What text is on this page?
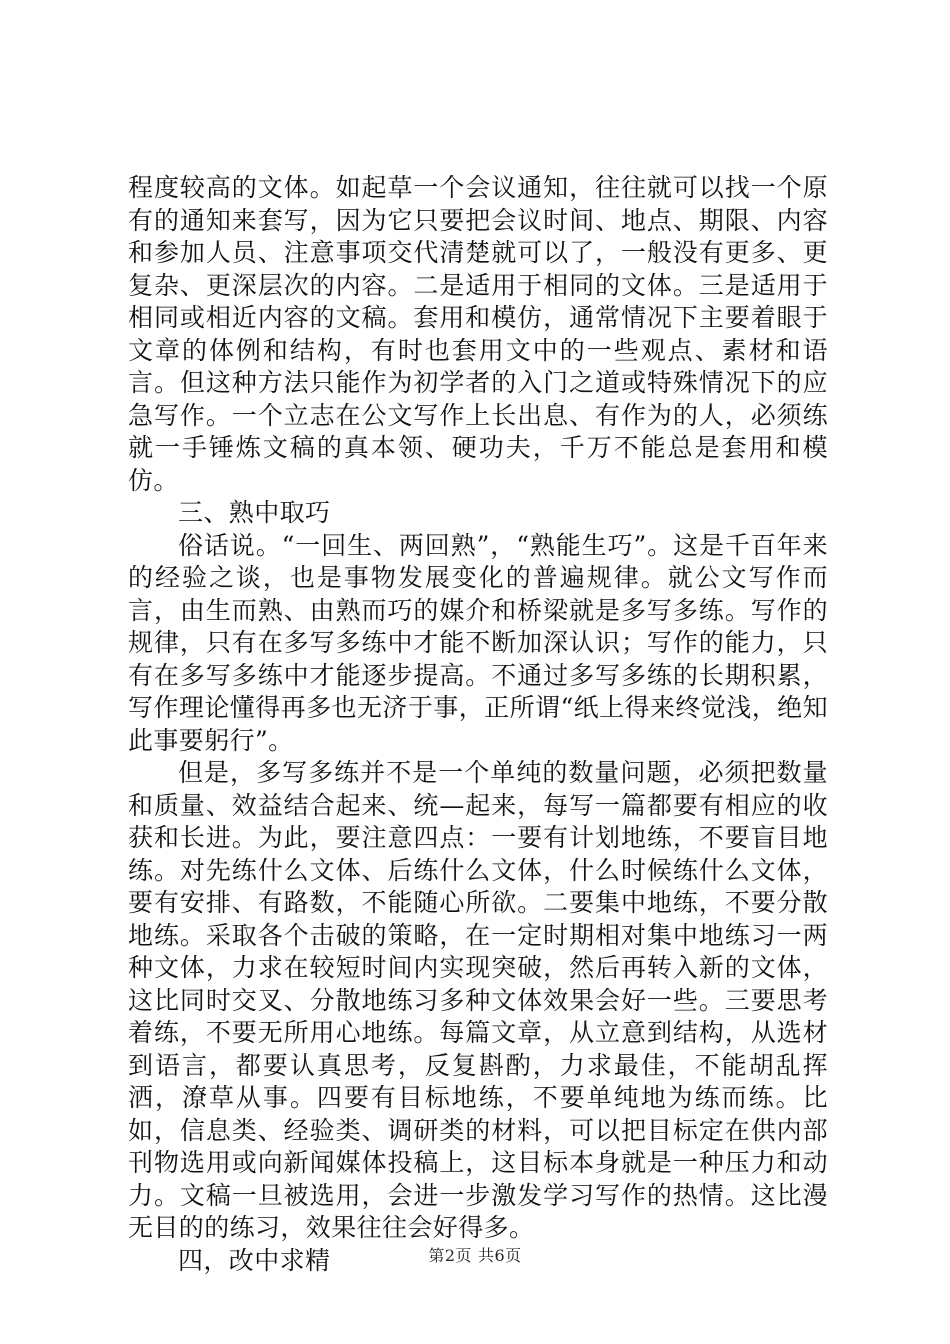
程度较高的文体。如起草一个会议通知，往往就可以找一个原有的通知来套写，因为它只要把会议时间、地点、期限、内容和参加人员、注意事项交代清楚就可以了，一般没有更多、更复杂、更深层次的内容。二是适用于相同的文体。三是适用于相同或相近内容的文稿。套用和模仿，通常情况下主要着眼于文章的体例和结构，有时也套用文中的一些观点、素材和语言。但这种方法只能作为初学者的入门之道或特殊情况下的应急写作。一个立志在公文写作上长出息、有作为的人，必须练就一手锤炼文稿的真本领、硬功夫，千万不能总是套用和模仿。

三、熟中取巧

俗话说。“一回生、两回熟”，“熟能生巧”。这是千百年来的经验之谈，也是事物发展变化的普遍规律。就公文写作而言，由生而熟、由熟而巧的媒介和桥梁就是多写多练。写作的规律，只有在多写多练中才能不断加深认识；写作的能力，只有在多写多练中才能逐步提高。不通过多写多练的长期积累，写作理论懂得再多也无济于事，正所谓“纸上得来终觉浅，绝知此事要躬行”。

但是，多写多练并不是一个单纯的数量问题，必须把数量和质量、效益结合起来、统—起来，每写一篇都要有相应的收获和长进。为此，要注意四点：一要有计划地练，不要盲目地练。对先练什么文体、后练什么文体，什么时候练什么文体，要有安排、有路数，不能随心所欲。二要集中地练，不要分散地练。采取各个击破的策略，在一定时期相对集中地练习一两种文体，力求在较短时间内实现突破，然后再转入新的文体，这比同时交叉、分散地练习多种文体效果会好一些。三要思考着练，不要无所用心地练。每篇文章，从立意到结构，从选材到语言，都要认真思考，反复斟酌，力求最佳，不能胡乱挥洒，潦草从事。四要有目标地练，不要单纯地为练而练。比如，信息类、经验类、调研类的材料，可以把目标定在供内部刊物选用或向新闻媒体投稿上，这目标本身就是一种压力和动力。文稿一旦被选用，会进一步激发学习写作的热情。这比漫无目的的练习，效果往往会好得多。

四，改中求精	第2页 共6页
